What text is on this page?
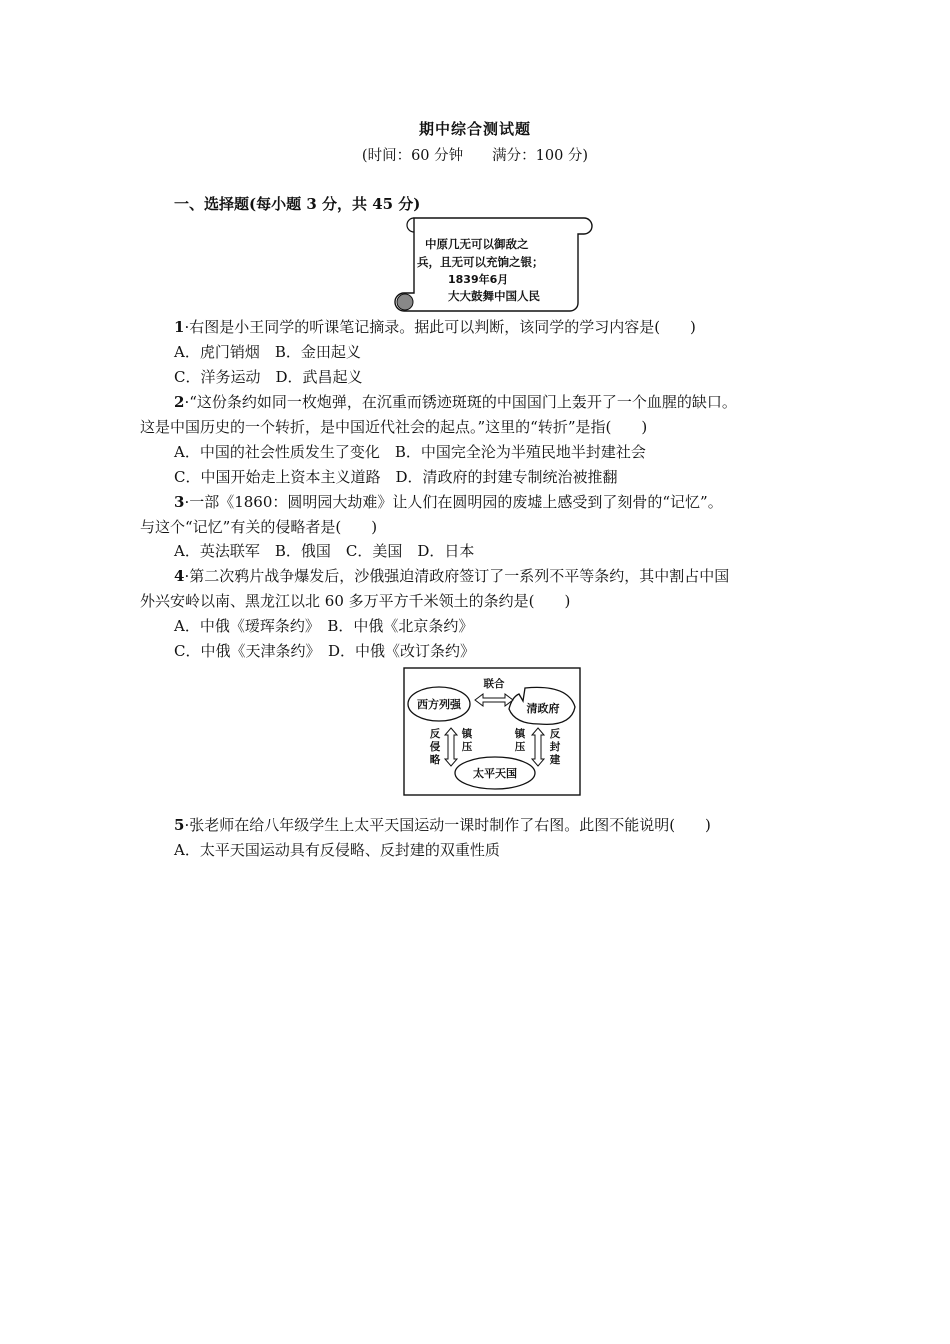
期中综合测试题
(时间：60 分钟　　满分：100 分)
一、选择题(每小题 3 分，共 45 分)
中原几无可以御敌之
兵，且无可以充饷之银；
1839年6月
大大鼓舞中国人民
1·右图是小王同学的听课笔记摘录。据此可以判断，该同学的学习内容是(　　)
A．虎门销烟　B．金田起义
C．洋务运动　D．武昌起义
2·“这份条约如同一枚炮弹，在沉重而锈迹斑斑的中国国门上轰开了一个血腥的缺口。
这是中国历史的一个转折，是中国近代社会的起点。”这里的“转折”是指(　　)
A．中国的社会性质发生了变化　B．中国完全沦为半殖民地半封建社会
C．中国开始走上资本主义道路　D．清政府的封建专制统治被推翻
3·一部《1860：圆明园大劫难》让人们在圆明园的废墟上感受到了刻骨的“记忆”。
与这个“记忆”有关的侵略者是(　　)
A．英法联军　B．俄国　C．美国　D．日本
4·第二次鸦片战争爆发后，沙俄强迫清政府签订了一系列不平等条约，其中割占中国
外兴安岭以南、黑龙江以北 60 多万平方千米领土的条约是(　　)
A．中俄《瑷珲条约》　B．中俄《北京条约》
C．中俄《天津条约》　D．中俄《改订条约》
西方列强	清政府
太平天国
联合
反侵略
镇压
镇压
反封建
5·张老师在给八年级学生上太平天国运动一课时制作了右图。此图不能说明(　　)
A．太平天国运动具有反侵略、反封建的双重性质
